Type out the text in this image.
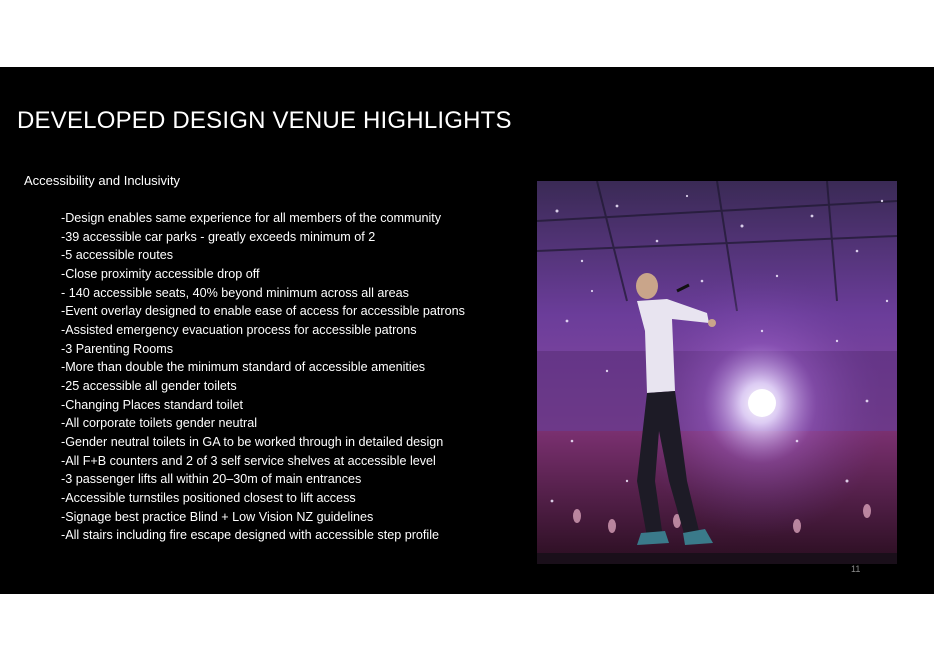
DEVELOPED DESIGN VENUE HIGHLIGHTS
Accessibility and Inclusivity
-Design enables same experience for all members of the community
-39 accessible car parks - greatly exceeds minimum of 2
-5 accessible routes
-Close proximity accessible drop off
- 140 accessible seats, 40% beyond minimum across all areas
-Event overlay designed to enable ease of access for accessible patrons
-Assisted emergency evacuation process for accessible patrons
-3 Parenting Rooms
-More than double the minimum standard of accessible amenities
-25 accessible all gender toilets
-Changing Places standard toilet
-All corporate toilets gender neutral
-Gender neutral toilets in GA to be worked through in detailed design
-All F+B counters and 2 of 3 self service shelves at accessible level
-3 passenger lifts all within 20–30m of main entrances
-Accessible turnstiles positioned closest to lift access
-Signage best practice Blind + Low Vision NZ guidelines
-All stairs including fire escape designed with accessible step profile
11
